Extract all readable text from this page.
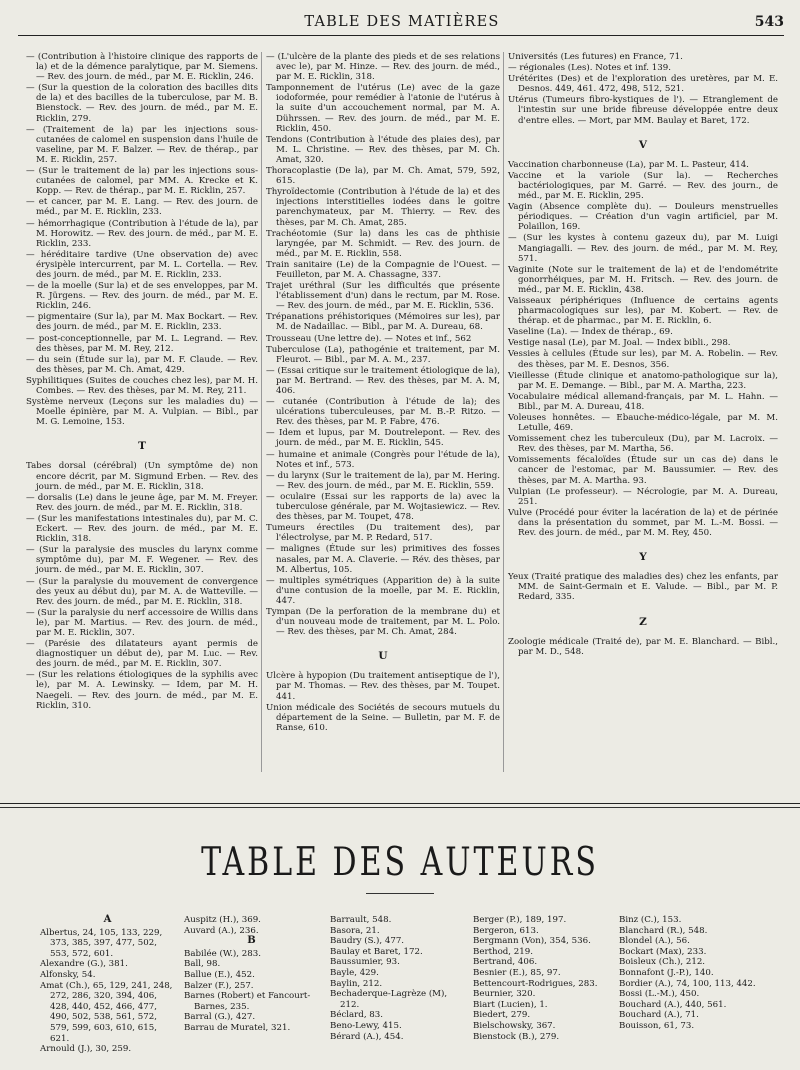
TABLE DES MATIÈRES	543
— (Contribution à l'histoire clinique des rapports de la) et de la démence paralytique, par M. Siemens. — Rev. des journ. de méd., par M. E. Ricklin, 246.
— (Sur la question de la coloration des bacilles dits de la) et des bacilles de la tuberculose, par M. B. Bienstock. — Rev. des journ. de méd., par M. E. Ricklin, 279.
— (Traitement de la) par les injections sous-cutanées de calomel en suspension dans l'huile de vaseline, par M. F. Balzer. — Rev. de thérap., par M. E. Ricklin, 257.
— (Sur le traitement de la) par les injections sous-cutanées de calomel, par MM. A. Krecke et K. Kopp. — Rev. de thérap., par M. E. Ricklin, 257.
— et cancer, par M. E. Lang. — Rev. des journ. de méd., par M. E. Ricklin, 233.
— hémorrhagique (Contribution à l'étude de la), par M. Horowitz. — Rev. des journ. de méd., par M. E. Ricklin, 233.
— héréditaire tardive (Une observation de) avec érysipèle intercurrent, par M. L. Cortella. — Rev. des journ. de méd., par M. E. Ricklin, 233.
— de la moelle (Sur la) et de ses enveloppes, par M. R. Jürgens. — Rev. des journ. de méd., par M. E. Ricklin, 246.
— pigmentaire (Sur la), par M. Max Bockart. — Rev. des journ. de méd., par M. E. Ricklin, 233.
— post-conceptionnelle, par M. L. Legrand. — Rev. des thèses, par M. M. Rey, 212.
— du sein (Étude sur la), par M. F. Claude. — Rev. des thèses, par M. Ch. Amat, 429.
Syphilitiques (Suites de couches chez les), par M. H. Combes. — Rev. des thèses, par M. M. Rey, 211.
Système nerveux (Leçons sur les maladies du) — Moelle épinière, par M. A. Vulpian. — Bibl., par M. G. Lemoine, 153.
T
Tabes dorsal (cérébral) (Un symptôme de) non encore décrit, par M. Sigmund Erben. — Rev. des journ. de méd., par M. E. Ricklin, 318.
— dorsalis (Le) dans le jeune âge, par M. M. Freyer. Rev. des journ. de méd., par M. E. Ricklin, 318.
— (Sur les manifestations intestinales du), par M. C. Eckert. — Rev. des journ. de méd., par M. E. Ricklin, 318.
— (Sur la paralysie des muscles du larynx comme symptôme du), par M. F. Wegener. — Rev. des journ. de méd., par M. E. Ricklin, 307.
— (Sur la paralysie du mouvement de convergence des yeux au début du), par M. A. de Watteville. — Rev. des journ. de méd., par M. E. Ricklin, 318.
— (Sur la paralysie du nerf accessoire de Willis dans le), par M. Martius. — Rev. des journ. de méd., par M. E. Ricklin, 307.
— (Parésie des dilatateurs ayant permis de diagnostiquer un début de), par M. Luc. — Rev. des journ. de méd., par M. E. Ricklin, 307.
— (Sur les relations étiologiques de la syphilis avec le), par M. A. Lewinsky. — Idem, par M. H. Naegeli. — Rev. des journ. de méd., par M. E. Ricklin, 310.
— (L'ulcère de la plante des pieds et de ses relations avec le), par M. Hinze. — Rev. des journ. de méd., par M. E. Ricklin, 318.
Tamponnement de l'utérus (Le) avec de la gaze iodoformée, pour remédier à l'atonie de l'utérus à la suite d'un accouchement normal, par M. A. Dührssen. — Rev. des journ. de méd., par M. E. Ricklin, 450.
Tendons (Contribution à l'étude des plaies des), par M. L. Christine. — Rev. des thèses, par M. Ch. Amat, 320.
Thoracoplastie (De la), par M. Ch. Amat, 579, 592, 615.
Thyroïdectomie (Contribution à l'étude de la) et des injections interstitielles iodées dans le goitre parenchymateux, par M. Thierry. — Rev. des thèses, par M. Ch. Amat, 285.
Trachéotomie (Sur la) dans les cas de phthisie laryngée, par M. Schmidt. — Rev. des journ. de méd., par M. E. Ricklin, 558.
Train sanitaire (Le) de la Compagnie de l'Ouest. — Feuilleton, par M. A. Chassagne, 337.
Trajet uréthral (Sur les difficultés que présente l'établissement d'un) dans le rectum, par M. Rose. — Rev. des journ. de méd., par M. E. Ricklin, 536.
Trépanations préhistoriques (Mémoires sur les), par M. de Nadaillac. — Bibl., par M. A. Dureau, 68.
Trousseau (Une lettre de). — Notes et inf., 562
Tuberculose (La), pathogénie et traitement, par M. Fleurot. — Bibl., par M. A. M., 237.
— (Essai critique sur le traitement étiologique de la), par M. Bertrand. — Rev. des thèses, par M. A. M, 406.
— cutanée (Contribution à l'étude de la); des ulcérations tuberculeuses, par M. B.-P. Ritzo. — Rev. des thèses, par M. P. Fabre, 476.
— Idem et lupus, par M. Doutrelepont. — Rev. des journ. de méd., par M. E. Ricklin, 545.
— humaine et animale (Congrès pour l'étude de la), Notes et inf., 573.
— du larynx (Sur le traitement de la), par M. Hering. — Rev. des journ. de méd., par M. E. Ricklin, 559.
— oculaire (Essai sur les rapports de la) avec la tuberculose générale, par M. Wojtasiewicz. — Rev. des thèses, par M. Toupet, 478.
Tumeurs érectiles (Du traitement des), par l'électrolyse, par M. P. Redard, 517.
— malignes (Étude sur les) primitives des fosses nasales, par M. A. Claverie. — Rév. des thèses, par M. Albertus, 105.
— multiples symétriques (Apparition de) à la suite d'une contusion de la moelle, par M. E. Ricklin, 447.
Tympan (De la perforation de la membrane du) et d'un nouveau mode de traitement, par M. L. Polo. — Rev. des thèses, par M. Ch. Amat, 284.
U
Ulcère à hypopion (Du traitement antiseptique de l'), par M. Thomas. — Rev. des thèses, par M. Toupet. 441.
Union médicale des Sociétés de secours mutuels du département de la Seine. — Bulletin, par M. F. de Ranse, 610.
Universités (Les futures) en France, 71.
— régionales (Les). Notes et inf. 139.
Urétérites (Des) et de l'exploration des uretères, par M. E. Desnos. 449, 461. 472, 498, 512, 521.
Utérus (Tumeurs fibro-kystiques de l'). — Etranglement de l'intestin sur une bride fibreuse développée entre deux d'entre elles. — Mort, par MM. Baulay et Baret, 172.
V
Vaccination charbonneuse (La), par M. L. Pasteur, 414.
Vaccine et la variole (Sur la). — Recherches bactériologiques, par M. Garré. — Rev. des journ., de méd., par M. E. Ricklin, 295.
Vagin (Absence complète du). — Douleurs menstruelles périodiques. — Création d'un vagin artificiel, par M. Polaillon, 169.
— (Sur les kystes à contenu gazeux du), par M. Luigi Mangiagalli. — Rev. des journ. de méd., par M. M. Rey, 571.
Vaginite (Note sur le traitement de la) et de l'endométrite gonorrhéiques, par M. H. Fritsch. — Rev. des journ. de méd., par M. E. Ricklin, 438.
Vaisseaux périphériques (Influence de certains agents pharmacologiques sur les), par M. Kobert. — Rev. de thérap. et de pharmac., par M. E. Ricklin, 6.
Vaseline (La). — Index de thérap., 69.
Vestige nasal (Le), par M. Joal. — Index bibli., 298.
Vessies à cellules (Étude sur les), par M. A. Robelin. — Rev. des thèses, par M. E. Desnos, 356.
Vieillesse (Étude clinique et anatomo-pathologique sur la), par M. E. Demange. — Bibl., par M. A. Martha, 223.
Vocabulaire médical allemand-français, par M. L. Hahn. — Bibl., par M. A. Dureau, 418.
Voleuses honnêtes. — Ebauche-médico-légale, par M. M. Letulle, 469.
Vomissement chez les tuberculeux (Du), par M. Lacroix. — Rev. des thèses, par M. Martha, 56.
Vomissements fécaloïdes (Étude sur un cas de) dans le cancer de l'estomac, par M. Baussumier. — Rev. des thèses, par M. A. Martha. 93.
Vulpian (Le professeur). — Nécrologie, par M. A. Dureau, 251.
Vulve (Procédé pour éviter la lacération de la) et de périnée dans la présentation du sommet, par M. L.-M. Bossi. — Rev. des journ. de méd., par M. M. Rey, 450.
Y
Yeux (Traité pratique des maladies des) chez les enfants, par MM. de Saint-Germain et E. Valude. — Bibl., par M. P. Redard, 335.
Z
Zoologie médicale (Traité de), par M. E. Blanchard. — Bibl., par M. D., 548.
TABLE DES AUTEURS
A
Albertus, 24, 105, 133, 229, 373, 385, 397, 477, 502, 553, 572, 601.
Alexandre (G.), 381.
Alfonsky, 54.
Amat (Ch.), 65, 129, 241, 248, 272, 286, 320, 394, 406, 428, 440, 452, 466, 477, 490, 502, 538, 561, 572, 579, 599, 603, 610, 615, 621.
Arnould (J.), 30, 259.
Auspitz (H.), 369.
Auvard (A.), 236.
B
Babilée (W.), 283.
Ball, 98.
Ballue (E.), 452.
Balzer (F.), 257.
Barnes (Robert) et Fancourt-Barnes, 235.
Barral (G.), 427.
Barrau de Muratel, 321.
Barrault, 548.
Basora, 21.
Baudry (S.), 477.
Baulay et Baret, 172.
Baussumier, 93.
Bayle, 429.
Baylin, 212.
Bechaderque-Lagrèze (M), 212.
Béclard, 83.
Beno-Lewy, 415.
Bérard (A.), 454.
Berger (P.), 189, 197.
Bergeron, 613.
Bergmann (Von), 354, 536.
Berthod, 219.
Bertrand, 406.
Besnier (E.), 85, 97.
Bettencourt-Rodrigues, 283.
Beurnier, 320.
Biart (Lucien), 1.
Biedert, 279.
Bielschowsky, 367.
Bienstock (B.), 279.
Binz (C.), 153.
Blanchard (R.), 548.
Blondel (A.), 56.
Bockart (Max), 233.
Boisleux (Ch.), 212.
Bonnafont (J.-P.), 140.
Bordier (A.), 74, 100, 113, 442.
Bossi (L.-M.), 450.
Bouchard (A.), 440, 561.
Bouchard (A.), 71.
Bouisson, 61, 73.
